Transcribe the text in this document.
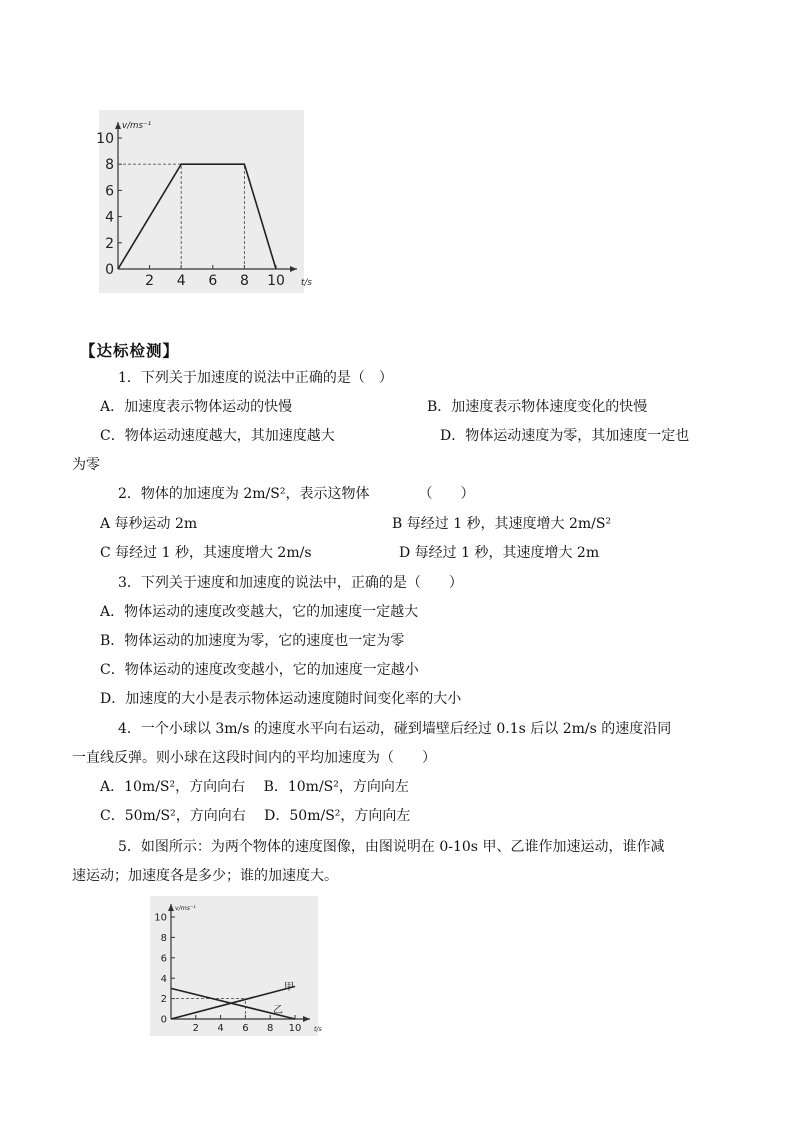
0
2
4
6
8
10
2 4 6 8 10
v/ms⁻¹
t/s
【达标检测】
1．下列关于加速度的说法中正确的是（　）
A．加速度表示物体运动的快慢	B．加速度表示物体速度变化的快慢
C．物体运动速度越大，其加速度越大	D．物体运动速度为零，其加速度一定也
为零
2．物体的加速度为 2m/S²，表示这物体　　　　（　　）
A 每秒运动 2m	B 每经过 1 秒，其速度增大 2m/S²
C 每经过 1 秒，其速度增大 2m/s	D 每经过 1 秒，其速度增大 2m
3．下列关于速度和加速度的说法中，正确的是（　　）
A．物体运动的速度改变越大，它的加速度一定越大
B．物体运动的加速度为零，它的速度也一定为零
C．物体运动的速度改变越小，它的加速度一定越小
D．加速度的大小是表示物体运动速度随时间变化率的大小
4．一个小球以 3m/s 的速度水平向右运动，碰到墙壁后经过 0.1s 后以 2m/s 的速度沿同
一直线反弹。则小球在这段时间内的平均加速度为（　　）
A．10m/S²，方向向右　 B．10m/S²，方向向左
C．50m/S²，方向向右　 D．50m/S²，方向向左
5．如图所示：为两个物体的速度图像，由图说明在 0-10s 甲、乙谁作加速运动，谁作减
速运动；加速度各是多少；谁的加速度大。
0
2
4
6
8
10
2 4 6 8 10
v/ms⁻¹
t/s
甲
乙
